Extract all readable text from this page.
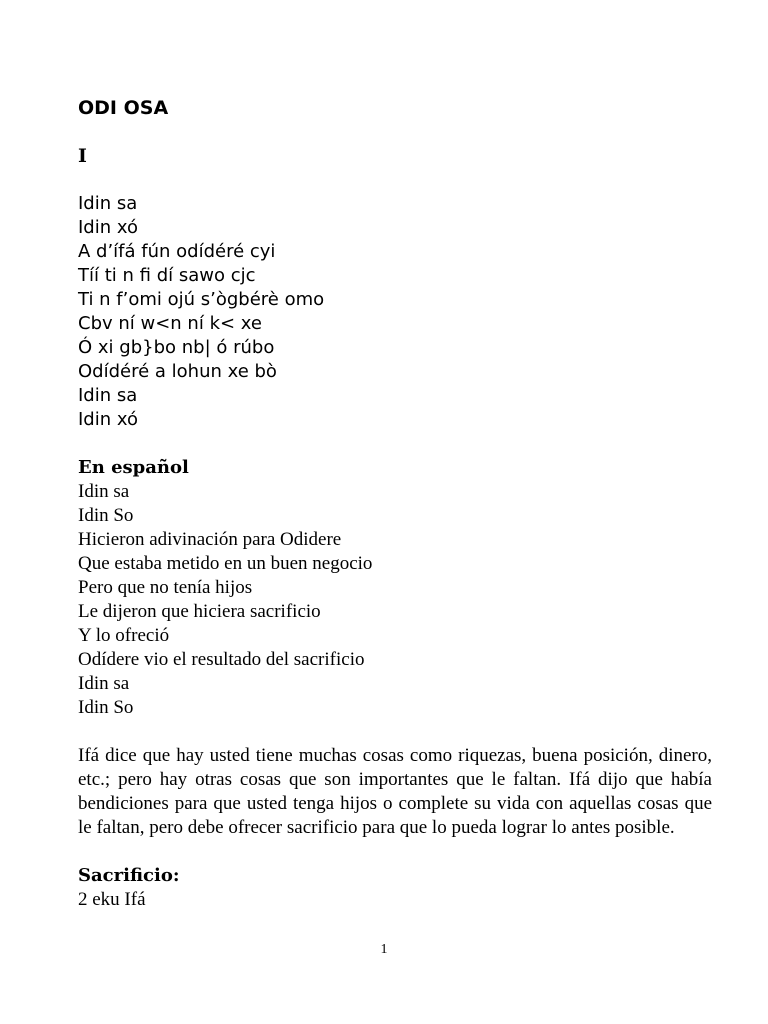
ODI OSA
I
Idin sa
Idin xó
A d’ífá fún odídéré cyi
Tíí ti n fi dí sawo cjc
Ti n f’omi ojú s’ògbérè omo
Cbv ní w<n ní k< xe
Ó xi gb}bo nb| ó rúbo
Odídéré a lohun xe bò
Idin sa
Idin xó
En español
Idin sa
Idin So
Hicieron adivinación para Odidere
Que estaba metido en un buen negocio
Pero que no tenía hijos
Le dijeron que hiciera sacrificio
Y lo ofreció
Odídere vio el resultado del sacrificio
Idin sa
Idin So

Ifá dice que hay usted tiene muchas cosas como riquezas, buena posición, dinero, etc.; pero hay otras cosas que son importantes que le faltan. Ifá dijo que había bendiciones para que usted tenga hijos o complete su vida con aquellas cosas que le faltan, pero debe ofrecer sacrificio para que lo pueda lograr lo antes posible.

Sacrificio:
2 eku Ifá
1
